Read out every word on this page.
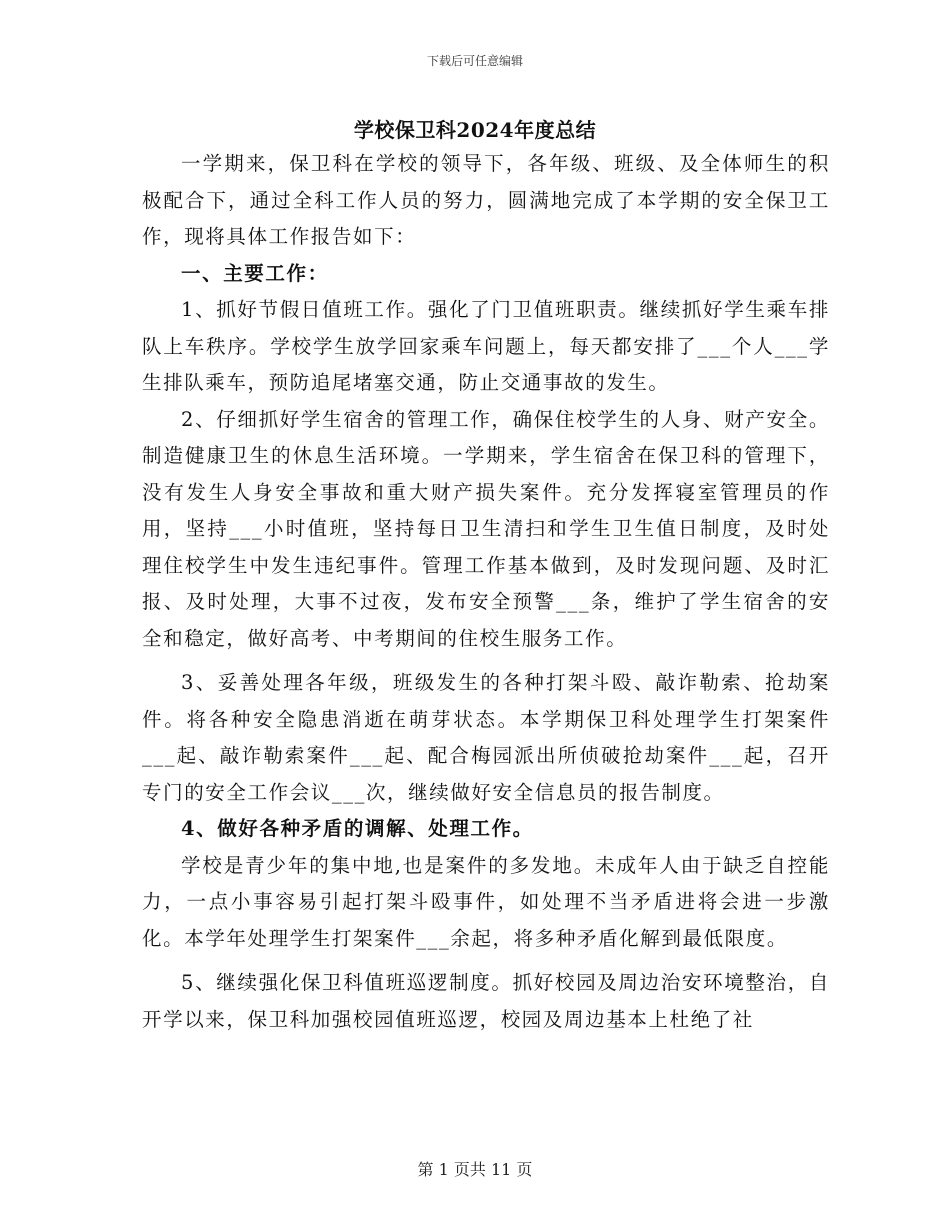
下载后可任意编辑
学校保卫科2024年度总结

一学期来，保卫科在学校的领导下，各年级、班级、及全体师生的积极配合下，通过全科工作人员的努力，圆满地完成了本学期的安全保卫工作，现将具体工作报告如下：

一、主要工作：

1、抓好节假日值班工作。强化了门卫值班职责。继续抓好学生乘车排队上车秩序。学校学生放学回家乘车问题上，每天都安排了___个人___学生排队乘车，预防追尾堵塞交通，防止交通事故的发生。

2、仔细抓好学生宿舍的管理工作，确保住校学生的人身、财产安全。制造健康卫生的休息生活环境。一学期来，学生宿舍在保卫科的管理下，没有发生人身安全事故和重大财产损失案件。充分发挥寝室管理员的作用，坚持___小时值班，坚持每日卫生清扫和学生卫生值日制度，及时处理住校学生中发生违纪事件。管理工作基本做到，及时发现问题、及时汇报、及时处理，大事不过夜，发布安全预警___条，维护了学生宿舍的安全和稳定，做好高考、中考期间的住校生服务工作。

3、妥善处理各年级，班级发生的各种打架斗殴、敲诈勒索、抢劫案件。将各种安全隐患消逝在萌芽状态。本学期保卫科处理学生打架案件___起、敲诈勒索案件___起、配合梅园派出所侦破抢劫案件___起，召开专门的安全工作会议___次，继续做好安全信息员的报告制度。

4、做好各种矛盾的调解、处理工作。

学校是青少年的集中地,也是案件的多发地。未成年人由于缺乏自控能力，一点小事容易引起打架斗殴事件，如处理不当矛盾进将会进一步激化。本学年处理学生打架案件___余起，将多种矛盾化解到最低限度。

5、继续强化保卫科值班巡逻制度。抓好校园及周边治安环境整治，自开学以来，保卫科加强校园值班巡逻，校园及周边基本上杜绝了社

第 1 页共 11 页
